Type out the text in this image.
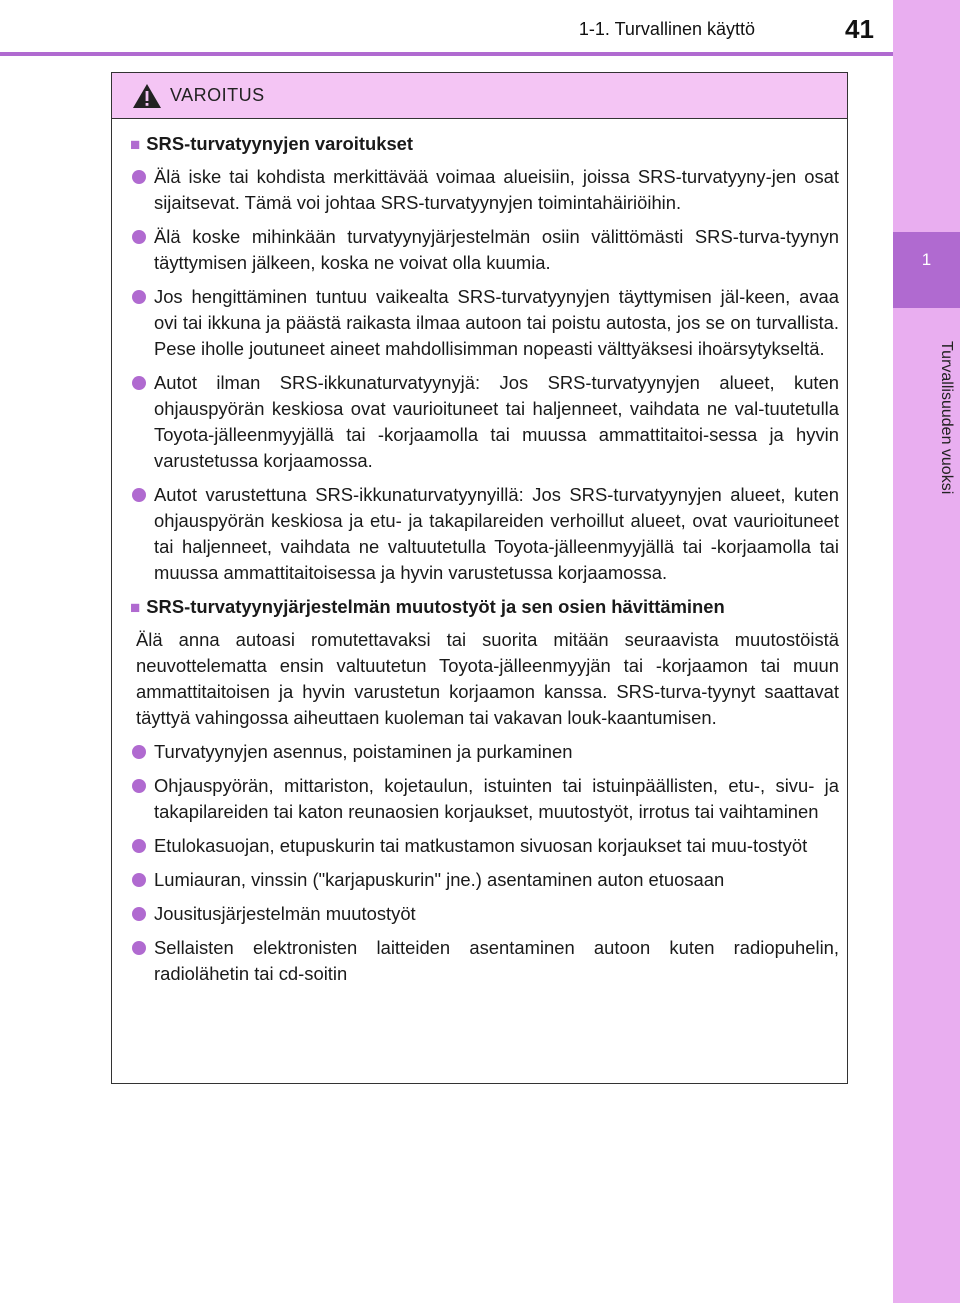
1
Turvallisuuden vuoksi
1-1. Turvallinen käyttö	41
VAROITUS
■ SRS-turvatyynyjen varoitukset
Älä iske tai kohdista merkittävää voimaa alueisiin, joissa SRS-turvatyyny-jen osat sijaitsevat. Tämä voi johtaa SRS-turvatyynyjen toimintahäiriöihin.
Älä koske mihinkään turvatyynyjärjestelmän osiin välittömästi SRS-turva-tyynyn täyttymisen jälkeen, koska ne voivat olla kuumia.
Jos hengittäminen tuntuu vaikealta SRS-turvatyynyjen täyttymisen jäl-keen, avaa ovi tai ikkuna ja päästä raikasta ilmaa autoon tai poistu autosta, jos se on turvallista. Pese iholle joutuneet aineet mahdollisimman nopeasti välttyäksesi ihoärsytykseltä.
Autot ilman SRS-ikkunaturvatyynyjä: Jos SRS-turvatyynyjen alueet, kuten ohjauspyörän keskiosa ovat vaurioituneet tai haljenneet, vaihdata ne val-tuutetulla Toyota-jälleenmyyjällä tai -korjaamolla tai muussa ammattitaitoi-sessa ja hyvin varustetussa korjaamossa.
Autot varustettuna SRS-ikkunaturvatyynyillä: Jos SRS-turvatyynyjen alueet, kuten ohjauspyörän keskiosa ja etu- ja takapilareiden verhoillut alueet, ovat vaurioituneet tai haljenneet, vaihdata ne valtuutetulla Toyota-jälleenmyyjällä tai -korjaamolla tai muussa ammattitaitoisessa ja hyvin varustetussa korjaamossa.
■ SRS-turvatyynyjärjestelmän muutostyöt ja sen osien hävittäminen
Älä anna autoasi romutettavaksi tai suorita mitään seuraavista muutostöistä neuvottelematta ensin valtuutetun Toyota-jälleenmyyjän tai -korjaamon tai muun ammattitaitoisen ja hyvin varustetun korjaamon kanssa. SRS-turva-tyynyt saattavat täyttyä vahingossa aiheuttaen kuoleman tai vakavan louk-kaantumisen.
Turvatyynyjen asennus, poistaminen ja purkaminen
Ohjauspyörän, mittariston, kojetaulun, istuinten tai istuinpäällisten, etu-, sivu- ja takapilareiden tai katon reunaosien korjaukset, muutostyöt, irrotus tai vaihtaminen
Etulokasuojan, etupuskurin tai matkustamon sivuosan korjaukset tai muu-tostyöt
Lumiauran, vinssin ("karjapuskurin" jne.) asentaminen auton etuosaan
Jousitusjärjestelmän muutostyöt
Sellaisten elektronisten laitteiden asentaminen autoon kuten radiopuhelin, radiolähetin tai cd-soitin
